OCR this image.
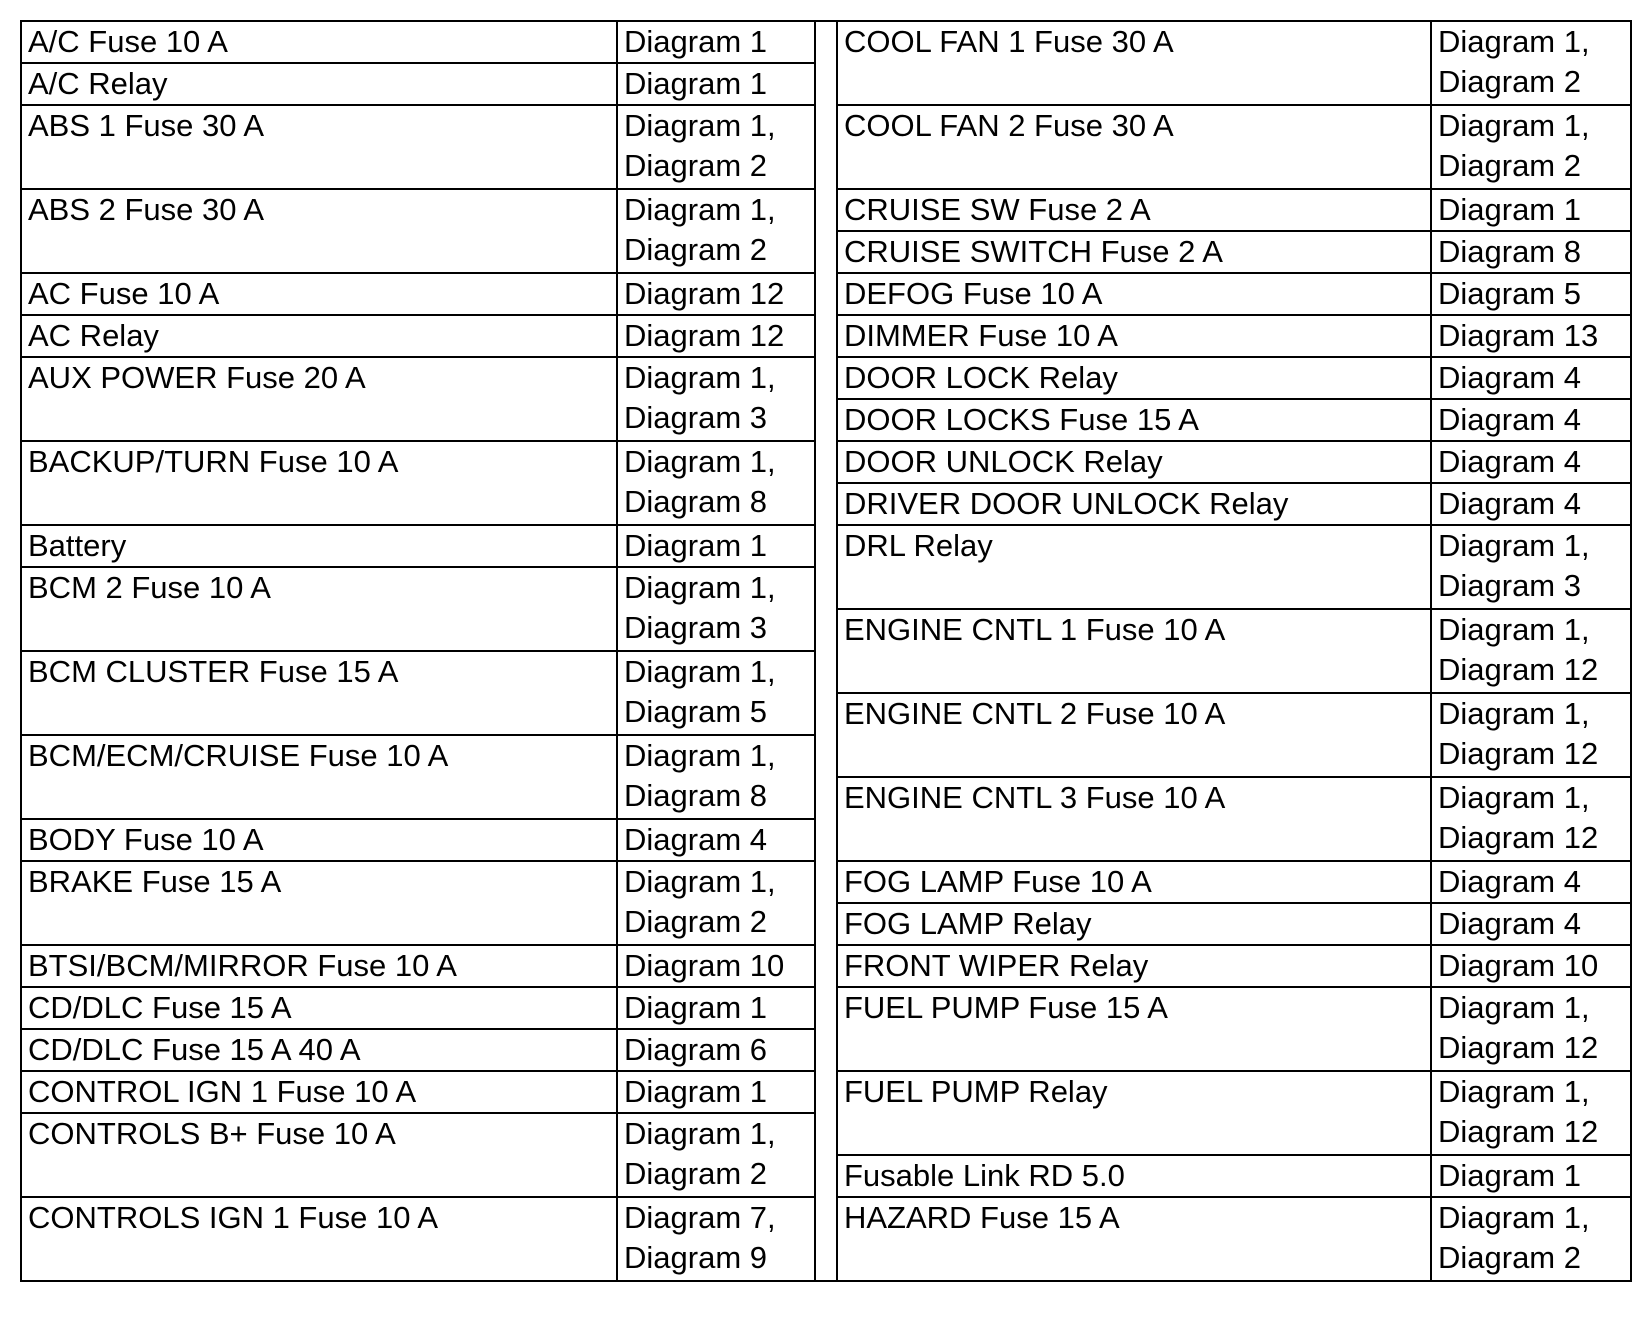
A/C Fuse 10 A	Diagram 1
A/C Relay	Diagram 1
ABS 1 Fuse 30 A	Diagram 1,
Diagram 2
ABS 2 Fuse 30 A	Diagram 1,
Diagram 2
AC Fuse 10 A	Diagram 12
AC Relay	Diagram 12
AUX POWER Fuse 20 A	Diagram 1,
Diagram 3
BACKUP/TURN Fuse 10 A	Diagram 1,
Diagram 8
Battery	Diagram 1
BCM 2 Fuse 10 A	Diagram 1,
Diagram 3
BCM CLUSTER Fuse 15 A	Diagram 1,
Diagram 5
BCM/ECM/CRUISE Fuse 10 A	Diagram 1,
Diagram 8
BODY Fuse 10 A	Diagram 4
BRAKE Fuse 15 A	Diagram 1,
Diagram 2
BTSI/BCM/MIRROR Fuse 10 A	Diagram 10
CD/DLC Fuse 15 A	Diagram 1
CD/DLC Fuse 15 A 40 A	Diagram 6
CONTROL IGN 1 Fuse 10 A	Diagram 1
CONTROLS B+ Fuse 10 A	Diagram 1,
Diagram 2
CONTROLS IGN 1 Fuse 10 A	Diagram 7,
Diagram 9
COOL FAN 1 Fuse 30 A	Diagram 1,
Diagram 2
COOL FAN 2 Fuse 30 A	Diagram 1,
Diagram 2
CRUISE SW Fuse 2 A	Diagram 1
CRUISE SWITCH Fuse 2 A	Diagram 8
DEFOG Fuse 10 A	Diagram 5
DIMMER Fuse 10 A	Diagram 13
DOOR LOCK Relay	Diagram 4
DOOR LOCKS Fuse 15 A	Diagram 4
DOOR UNLOCK Relay	Diagram 4
DRIVER DOOR UNLOCK Relay	Diagram 4
DRL Relay	Diagram 1,
Diagram 3
ENGINE CNTL 1 Fuse 10 A	Diagram 1,
Diagram 12
ENGINE CNTL 2 Fuse 10 A	Diagram 1,
Diagram 12
ENGINE CNTL 3 Fuse 10 A	Diagram 1,
Diagram 12
FOG LAMP Fuse 10 A	Diagram 4
FOG LAMP Relay	Diagram 4
FRONT WIPER Relay	Diagram 10
FUEL PUMP Fuse 15 A	Diagram 1,
Diagram 12
FUEL PUMP Relay	Diagram 1,
Diagram 12
Fusable Link RD 5.0	Diagram 1
HAZARD Fuse 15 A	Diagram 1,
Diagram 2
